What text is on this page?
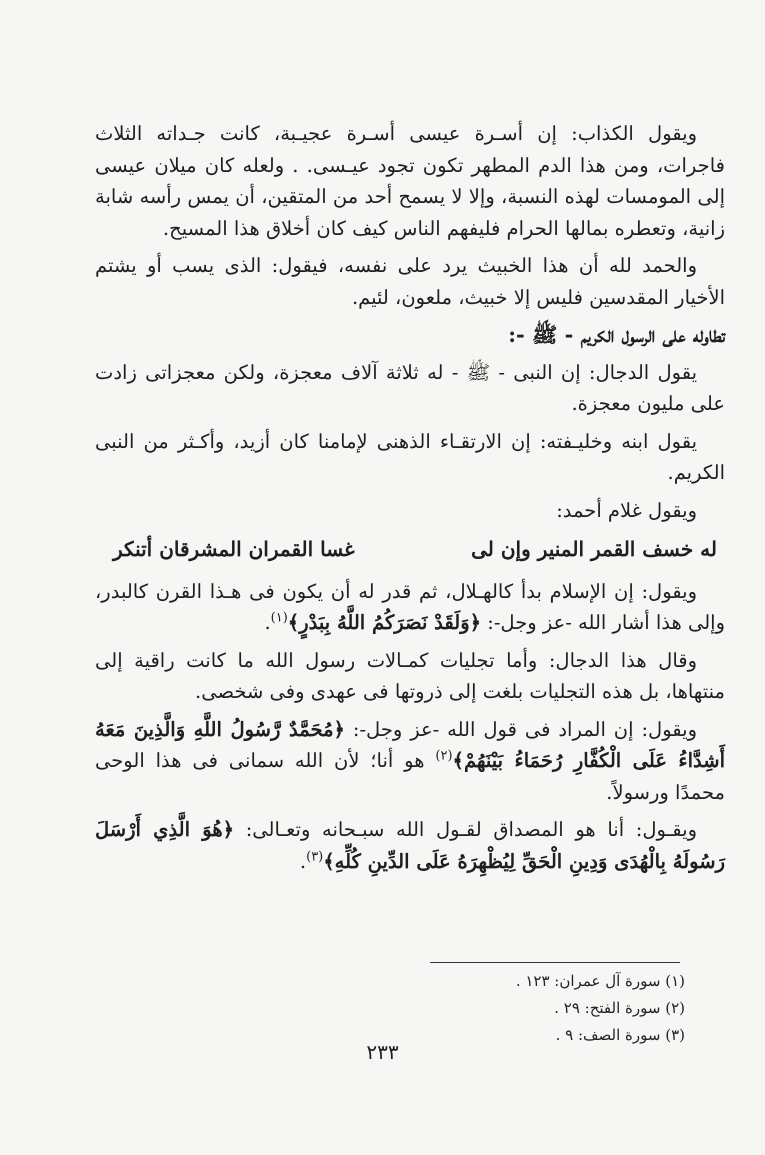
ويقول الكذاب: إن أسـرة عيسى أسـرة عجيـبة، كانت جـداته الثلاث فاجرات، ومن هذا الدم المطهر تكون تجود عيـسى. . ولعله كان ميلان عيسى إلى المومسات لهذه النسبة، وإلا لا يسمح أحد من المتقين، أن يمس رأسه شابة زانية، وتعطره بمالها الحرام فليفهم الناس كيف كان أخلاق هذا المسيح.

والحمد لله أن هذا الخبيث يرد على نفسه، فيقول: الذى يسب أو يشتم الأخيار المقدسين فليس إلا خبيث، ملعون، لئيم.

تطاوله على الرسول الكريم - ﷺ -:

يقول الدجال: إن النبى - ﷺ - له ثلاثة آلاف معجزة، ولكن معجزاتى زادت على مليون معجزة.

يقول ابنه وخليـفته: إن الارتقـاء الذهنى لإمامنا كان أزيد، وأكـثر من النبى الكريم.

ويقول غلام أحمد:

له خسف القمر المنير وإن لى
غسا القمران المشرقان أتنكر

ويقول: إن الإسلام بدأ كالهـلال، ثم قدر له أن يكون فى هـذا القرن كالبدر، وإلى هذا أشار الله -عز وجل-: ﴿وَلَقَدْ نَصَرَكُمُ اللَّهُ بِبَدْرٍ﴾$^{(١)}$.

وقال هذا الدجال: وأما تجليات كمـالات رسول الله ما كانت راقية إلى منتهاها، بل هذه التجليات بلغت إلى ذروتها فى عهدى وفى شخصى.

ويقول: إن المراد فى قول الله -عز وجل-: ﴿مُحَمَّدٌ رَّسُولُ اللَّهِ وَالَّذِينَ مَعَهُ أَشِدَّاءُ عَلَى الْكُفَّارِ رُحَمَاءُ بَيْنَهُمْ﴾$^{(٢)}$ هو أنا؛ لأن الله سمانى فى هذا الوحى محمدًا ورسولاً.

ويقـول: أنا هو المصداق لقـول الله سبـحانه وتعـالى: ﴿هُوَ الَّذِي أَرْسَلَ رَسُولَهُ بِالْهُدَى وَدِينِ الْحَقِّ لِيُظْهِرَهُ عَلَى الدِّينِ كُلِّهِ﴾$^{(٣)}$.

(١) سورة آل عمران: ١٢٣ .

(٢) سورة الفتح: ٢٩ .

(٣) سورة الصف: ٩ .

٢٣٣
